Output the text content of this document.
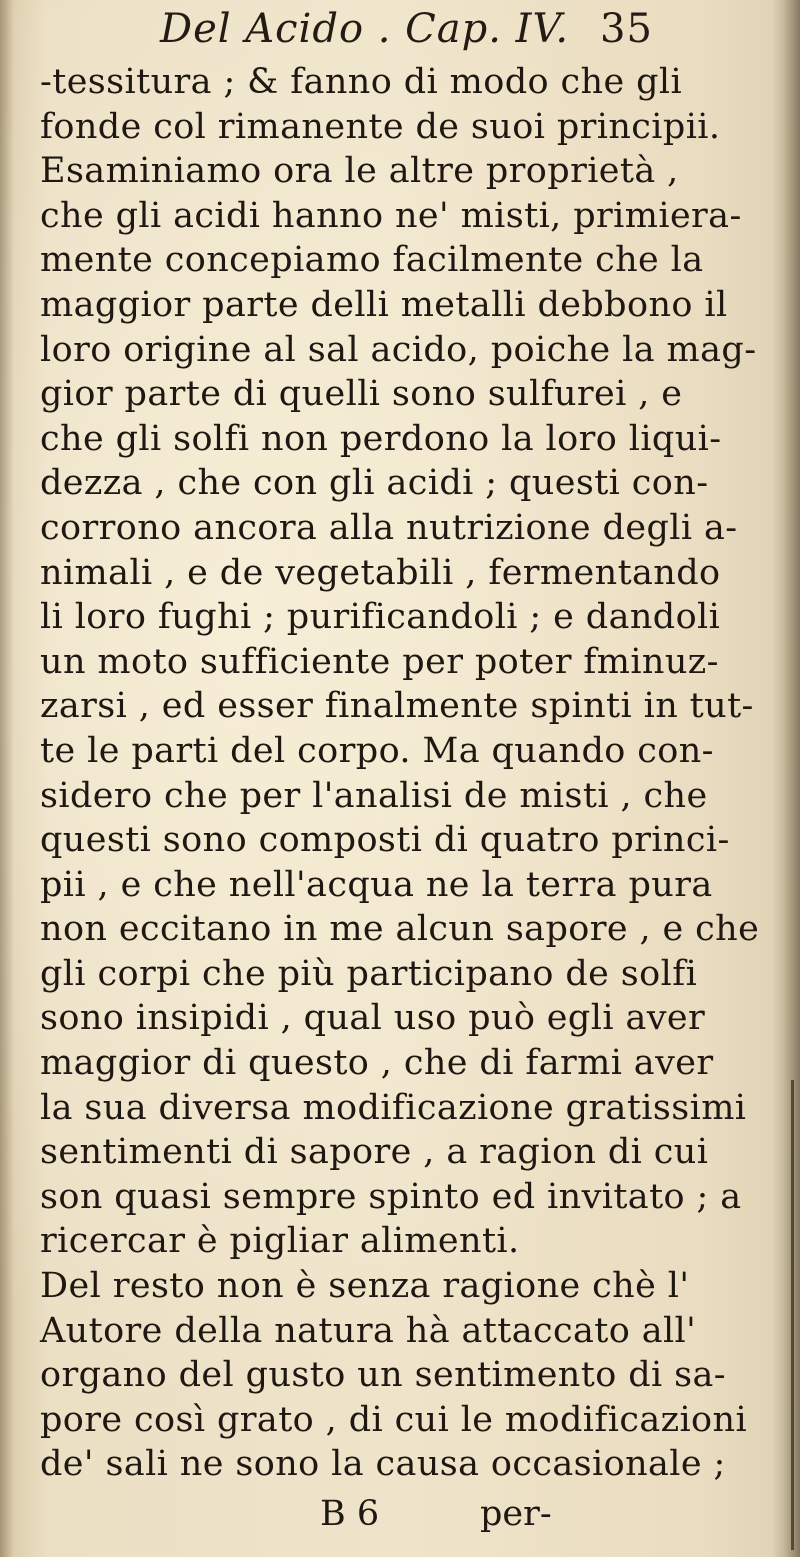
Del Acido . Cap. IV. 35
-tessitura ; & fanno di modo che gli
fonde col rimanente de suoi principii.
Esaminiamo ora le altre proprietà ,
che gli acidi hanno ne' misti, primiera-
mente concepiamo facilmente che la
maggior parte delli metalli debbono il
loro origine al sal acido, poiche la mag-
gior parte di quelli sono sulfurei , e
che gli solfi non perdono la loro liqui-
dezza , che con gli acidi ; questi con-
corrono ancora alla nutrizione degli a-
nimali , e de vegetabili , fermentando
li loro fughi ; purificandoli ; e dandoli
un moto sufficiente per poter fminuz-
zarsi , ed esser finalmente spinti in tut-
te le parti del corpo. Ma quando con-
sidero che per l'analisi de misti , che
questi sono composti di quatro princi-
pii , e che nell'acqua ne la terra pura
non eccitano in me alcun sapore , e che
gli corpi che più participano de solfi
sono insipidi , qual uso può egli aver
maggior di questo , che di farmi aver
la sua diversa modificazione gratissimi
sentimenti di sapore , a ragion di cui
son quasi sempre spinto ed invitato ; a
ricercar è pigliar alimenti.
Del resto non è senza ragione chè l'
Autore della natura hà attaccato all'
organo del gusto un sentimento di sa-
pore così grato , di cui le modificazioni
de' sali ne sono la causa occasionale ;
B 6	per-
